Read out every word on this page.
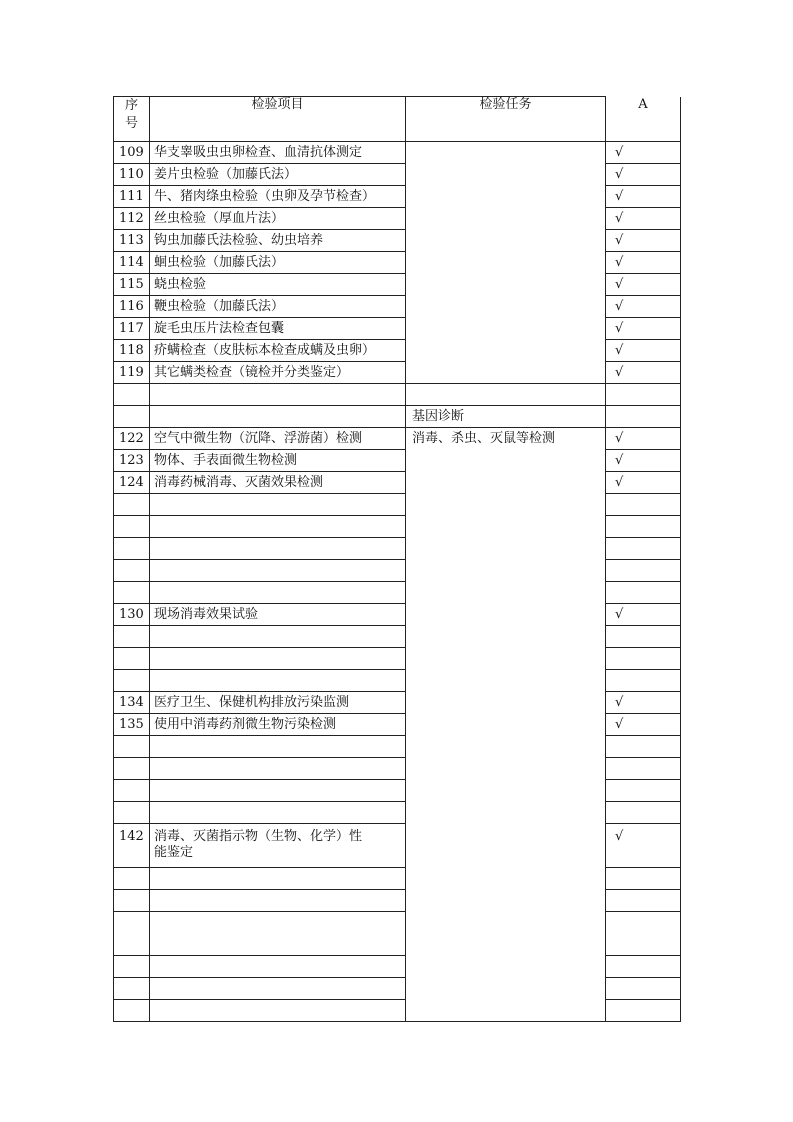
序
号	检验项目	检验任务	A
109	华支睾吸虫虫卵检查、血清抗体测定		√
110	姜片虫检验（加藤氏法）		√
111	牛、猪肉绦虫检验（虫卵及孕节检查）		√
112	丝虫检验（厚血片法）		√
113	钩虫加藤氏法检验、幼虫培养		√
114	蛔虫检验（加藤氏法）		√
115	蛲虫检验		√
116	鞭虫检验（加藤氏法）		√
117	旋毛虫压片法检查包囊		√
118	疥螨检查（皮肤标本检查成螨及虫卵）		√
119	其它螨类检查（镜检并分类鉴定）		√

		基因诊断	
122	空气中微生物（沉降、浮游菌）检测	消毒、杀虫、灭鼠等检测	√
123	物体、手表面微生物检测		√
124	消毒药械消毒、灭菌效果检测		√

130	现场消毒效果试验		√

134	医疗卫生、保健机构排放污染监测		√
135	使用中消毒药剂微生物污染检测		√

142	消毒、灭菌指示物（生物、化学）性
能鉴定		√
